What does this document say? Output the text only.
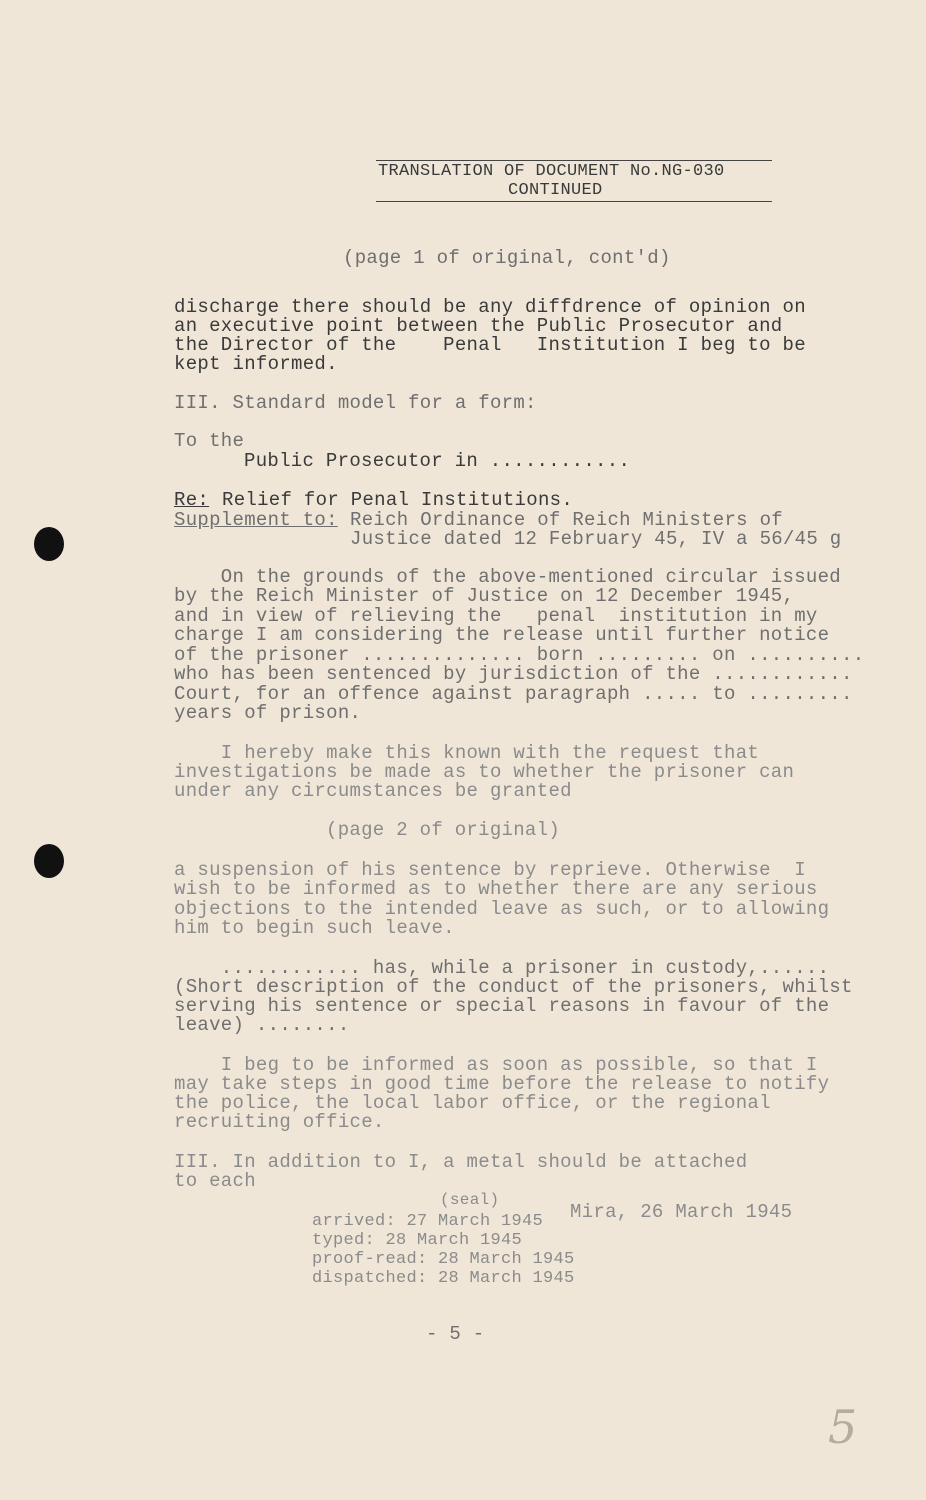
TRANSLATION OF DOCUMENT No.NG-030
CONTINUED
(page 1 of original, cont'd)
discharge there should be any diffdrence of opinion on
an executive point between the Public Prosecutor and
the Director of the    Penal   Institution I beg to be
kept informed.
III. Standard model for a form:
To the
Public Prosecutor in ............
Re: Relief for Penal Institutions.
Supplement to: Reich Ordinance of Reich Ministers of
Justice dated 12 February 45, IV a 56/45 g
On the grounds of the above-mentioned circular issued
by the Reich Minister of Justice on 12 December 1945,
and in view of relieving the   penal  institution in my
charge I am considering the release until further notice
of the prisoner .............. born ......... on ..........
who has been sentenced by jurisdiction of the ............
Court, for an offence against paragraph ..... to .........
years of prison.
I hereby make this known with the request that
investigations be made as to whether the prisoner can
under any circumstances be granted
(page 2 of original)
a suspension of his sentence by reprieve. Otherwise  I
wish to be informed as to whether there are any serious
objections to the intended leave as such, or to allowing
him to begin such leave.
............ has, while a prisoner in custody,......
(Short description of the conduct of the prisoners, whilst
serving his sentence or special reasons in favour of the
leave) ........
I beg to be informed as soon as possible, so that I
may take steps in good time before the release to notify
the police, the local labor office, or the regional
recruiting office.
III. In addition to I, a metal should be attached
to each
(seal)
Mira, 26 March 1945
arrived: 27 March 1945
typed: 28 March 1945
proof-read: 28 March 1945
dispatched: 28 March 1945
- 5 -
5
